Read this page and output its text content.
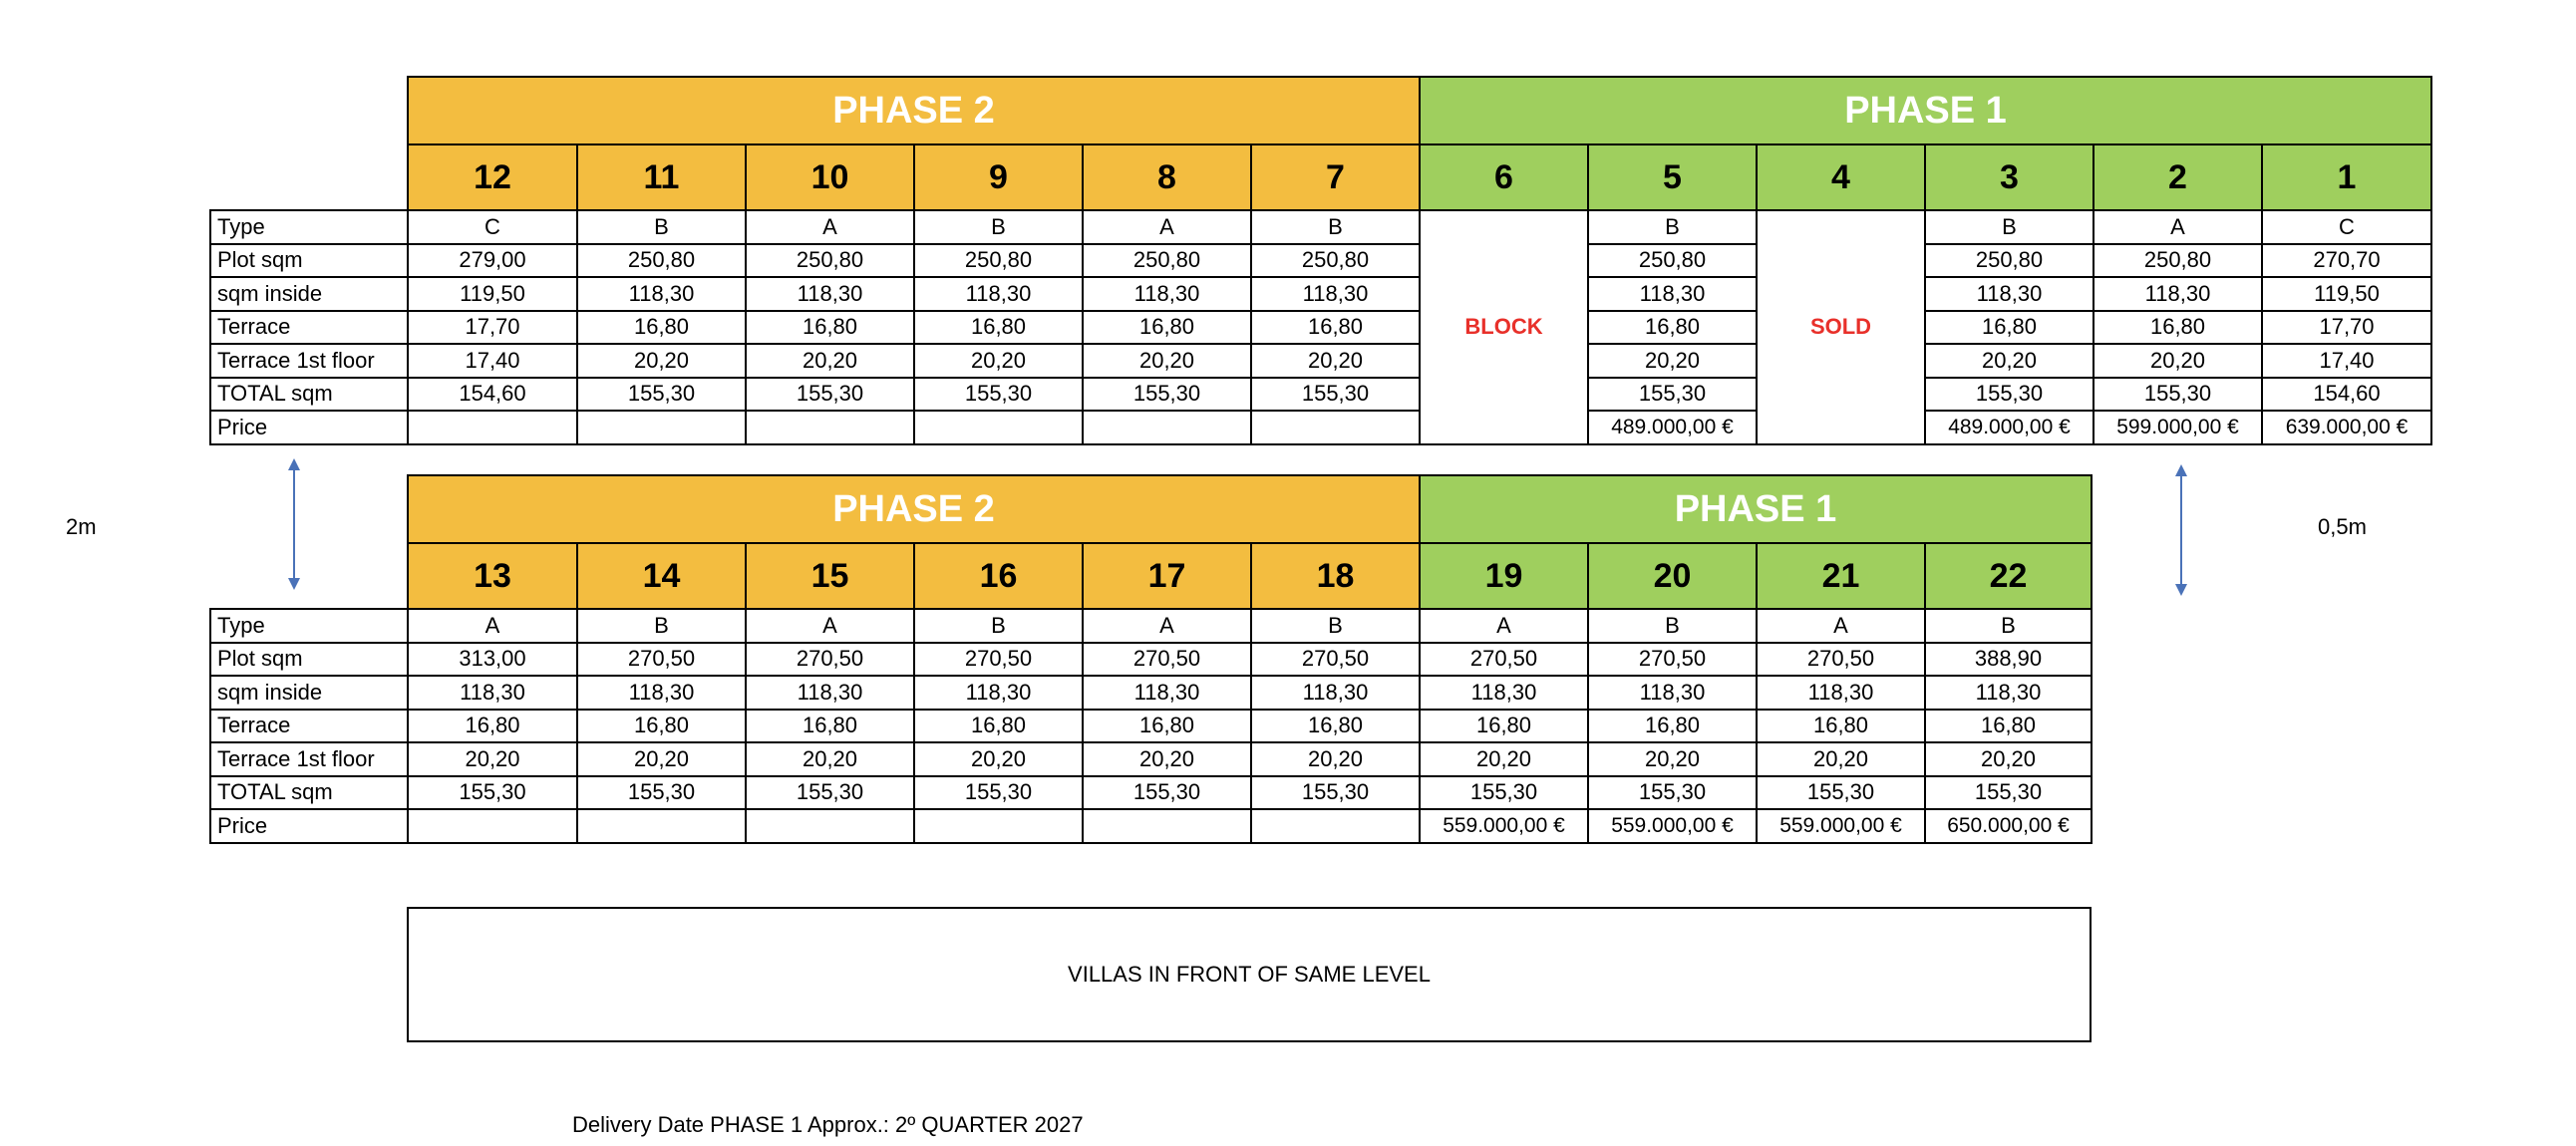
	PHASE 2						PHASE 1					
	12	11	10	9	8	7	6	5	4	3	2	1
Type	C	B	A	B	A	B	BLOCK	B	SOLD	B	A	C
Plot sqm	279,00	250,80	250,80	250,80	250,80	250,80		250,80		250,80	250,80	270,70
sqm inside	119,50	118,30	118,30	118,30	118,30	118,30		118,30		118,30	118,30	119,50
Terrace	17,70	16,80	16,80	16,80	16,80	16,80		16,80		16,80	16,80	17,70
Terrace 1st floor	17,40	20,20	20,20	20,20	20,20	20,20		20,20		20,20	20,20	17,40
TOTAL sqm	154,60	155,30	155,30	155,30	155,30	155,30		155,30		155,30	155,30	154,60
Price								489.000,00 €		489.000,00 €	599.000,00 €	639.000,00 €
2m	0,5m
	PHASE 2						PHASE 1			
	13	14	15	16	17	18	19	20	21	22
Type	A	B	A	B	A	B	A	B	A	B
Plot sqm	313,00	270,50	270,50	270,50	270,50	270,50	270,50	270,50	270,50	388,90
sqm inside	118,30	118,30	118,30	118,30	118,30	118,30	118,30	118,30	118,30	118,30
Terrace	16,80	16,80	16,80	16,80	16,80	16,80	16,80	16,80	16,80	16,80
Terrace 1st floor	20,20	20,20	20,20	20,20	20,20	20,20	20,20	20,20	20,20	20,20
TOTAL sqm	155,30	155,30	155,30	155,30	155,30	155,30	155,30	155,30	155,30	155,30
Price							559.000,00 €	559.000,00 €	559.000,00 €	650.000,00 €
VILLAS IN FRONT OF SAME LEVEL
Delivery Date PHASE 1 Approx.: 2º QUARTER 2027
